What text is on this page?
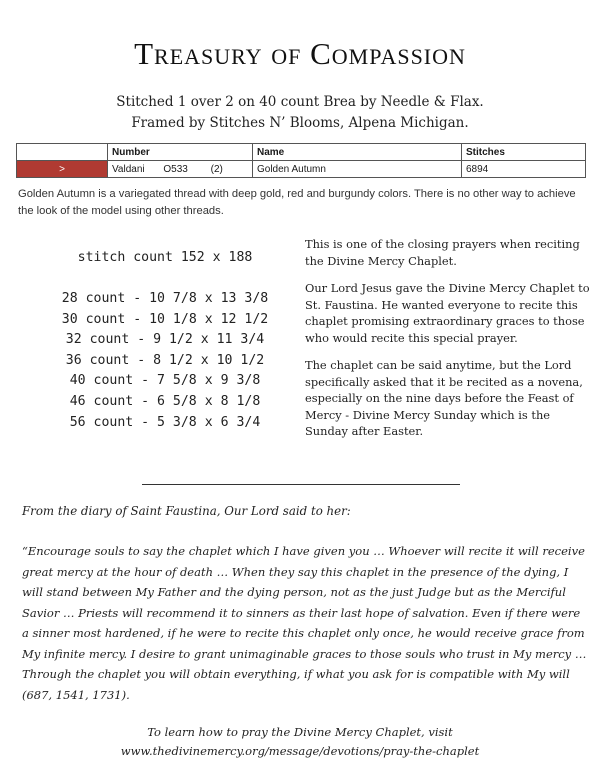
Treasury of Compassion
Stitched 1 over 2 on 40 count Brea by Needle & Flax.
Framed by Stitches N’ Blooms, Alpena Michigan.
	Number	Name	Stitches
>	Valdani O533 (2)	Golden Autumn	6894
Golden Autumn is a variegated thread with deep gold, red and burgundy colors. There is no other way to achieve the look of the model using other threads.
stitch count 152 x 188
28 count - 10 7/8 x 13 3/8
30 count - 10 1/8 x 12 1/2
32 count - 9 1/2 x 11 3/4
36 count - 8 1/2 x 10 1/2
40 count - 7 5/8 x 9 3/8
46 count - 6 5/8 x 8 1/8
56 count - 5 3/8 x 6 3/4

This is one of the closing prayers when reciting the Divine Mercy Chaplet.

Our Lord Jesus gave the Divine Mercy Chaplet to St. Faustina. He wanted everyone to recite this chaplet promising extraordinary graces to those who would recite this special prayer.

The chaplet can be said anytime, but the Lord specifically asked that it be recited as a novena, especially on the nine days before the Feast of Mercy - Divine Mercy Sunday which is the Sunday after Easter.

From the diary of Saint Faustina, Our Lord said to her:
“Encourage souls to say the chaplet which I have given you … Whoever will recite it will receive great mercy at the hour of death … When they say this chaplet in the presence of the dying, I will stand between My Father and the dying person, not as the just Judge but as the Merciful Savior … Priests will recommend it to sinners as their last hope of salvation. Even if there were a sinner most hardened, if he were to recite this chaplet only once, he would receive grace from My infinite mercy. I desire to grant unimaginable graces to those souls who trust in My mercy … Through the chaplet you will obtain everything, if what you ask for is compatible with My will (687, 1541, 1731).
To learn how to pray the Divine Mercy Chaplet, visit
www.thedivinemercy.org/message/devotions/pray-the-chaplet
